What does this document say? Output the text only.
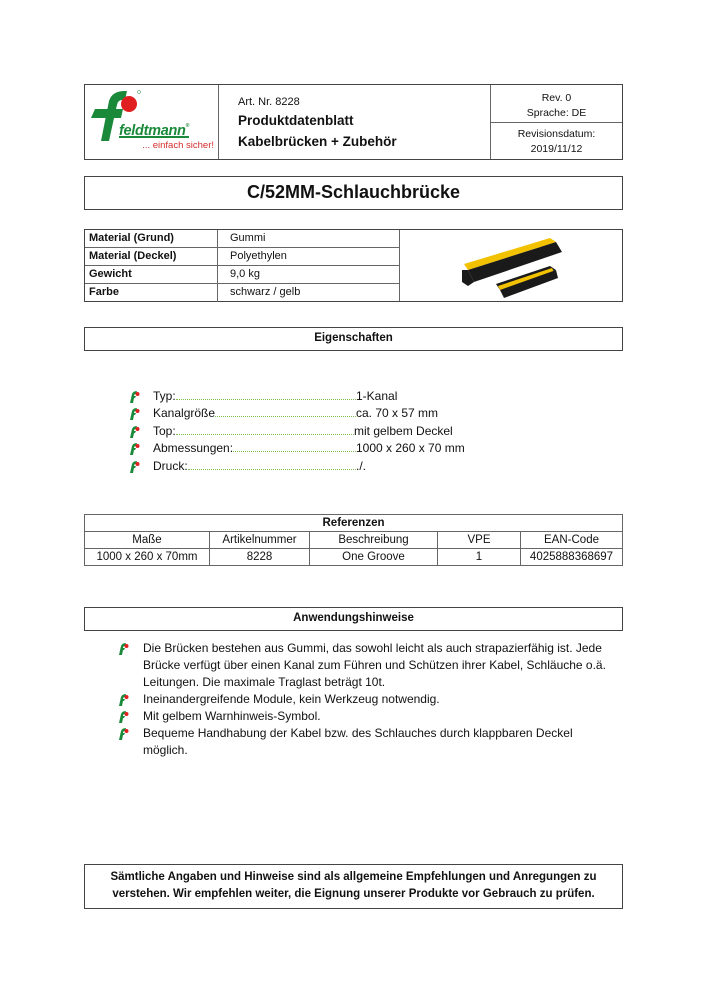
feldtmann®
... einfach sicher!
Art. Nr. 8228
Produktdatenblatt
Kabelbrücken + Zubehör
Rev. 0
Sprache: DE
Revisionsdatum:
2019/11/12
C/52MM-Schlauchbrücke
Material (Grund)	Gummi
Material (Deckel)	Polyethylen
Gewicht	9,0 kg
Farbe	schwarz / gelb
Eigenschaften
Typ:	1-Kanal
Kanalgröße	ca. 70 x 57 mm
Top:	mit gelbem Deckel
Abmessungen:	1000 x 260 x 70 mm
Druck:	./.
Referenzen				
Maße	Artikelnummer	Beschreibung	VPE	EAN-Code
1000 x 260 x 70mm	8228	One Groove	1	4025888368697
Anwendungshinweise
Die Brücken bestehen aus Gummi, das sowohl leicht als auch strapazierfähig ist. Jede Brücke verfügt über einen Kanal zum Führen und Schützen ihrer Kabel, Schläuche o.ä. Leitungen. Die maximale Traglast beträgt 10t.
Ineinandergreifende Module, kein Werkzeug notwendig.
Mit gelbem Warnhinweis-Symbol.
Bequeme Handhabung der Kabel bzw. des Schlauches durch klappbaren Deckel möglich.
Sämtliche Angaben und Hinweise sind als allgemeine Empfehlungen und Anregungen zu verstehen. Wir empfehlen weiter, die Eignung unserer Produkte vor Gebrauch zu prüfen.
